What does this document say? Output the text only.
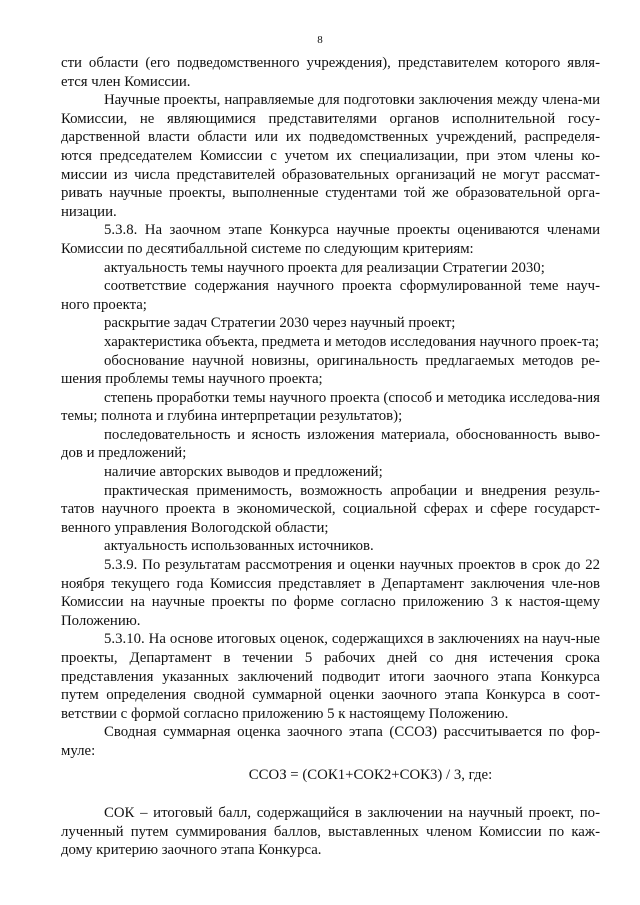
8

сти области (его подведомственного учреждения), представителем которого явля-ется член Комиссии.

Научные проекты, направляемые для подготовки заключения между члена-ми Комиссии, не являющимися представителями органов исполнительной госу-дарственной власти области или их подведомственных учреждений, распределя-ются председателем Комиссии с учетом их специализации, при этом члены ко-миссии из числа представителей образовательных организаций не могут рассмат-ривать научные проекты, выполненные студентами той же образовательной орга-низации.

5.3.8. На заочном этапе Конкурса научные проекты оцениваются членами Комиссии по десятибалльной системе по следующим критериям:

актуальность темы научного проекта для реализации Стратегии 2030;

соответствие содержания научного проекта сформулированной теме науч-ного проекта;

раскрытие задач Стратегии 2030 через научный проект;

характеристика объекта, предмета и методов исследования научного проек-та;

обоснование научной новизны, оригинальность предлагаемых методов ре-шения проблемы темы научного проекта;

степень проработки темы научного проекта (способ и методика исследова-ния темы; полнота и глубина интерпретации результатов);

последовательность и ясность изложения материала, обоснованность выво-дов и предложений;

наличие авторских выводов и предложений;

практическая применимость, возможность апробации и внедрения резуль-татов научного проекта в экономической, социальной сферах и сфере государст-венного управления Вологодской области;

актуальность использованных источников.

5.3.9. По результатам рассмотрения и оценки научных проектов в срок до 22 ноября текущего года Комиссия представляет в Департамент заключения чле-нов Комиссии на научные проекты по форме согласно приложению 3 к настоя-щему Положению.

5.3.10. На основе итоговых оценок, содержащихся в заключениях на науч-ные проекты, Департамент в течении 5 рабочих дней со дня истечения срока представления указанных заключений подводит итоги заочного этапа Конкурса путем определения сводной суммарной оценки заочного этапа Конкурса в соот-ветствии с формой согласно приложению 5 к настоящему Положению.

Сводная суммарная оценка заочного этапа (ССОЗ) рассчитывается по фор-муле:

ССОЗ = (СОК1+СОК2+СОК3) / 3, где:

СОК – итоговый балл, содержащийся в заключении на научный проект, по-лученный путем суммирования баллов, выставленных членом Комиссии по каж-дому критерию заочного этапа Конкурса.
